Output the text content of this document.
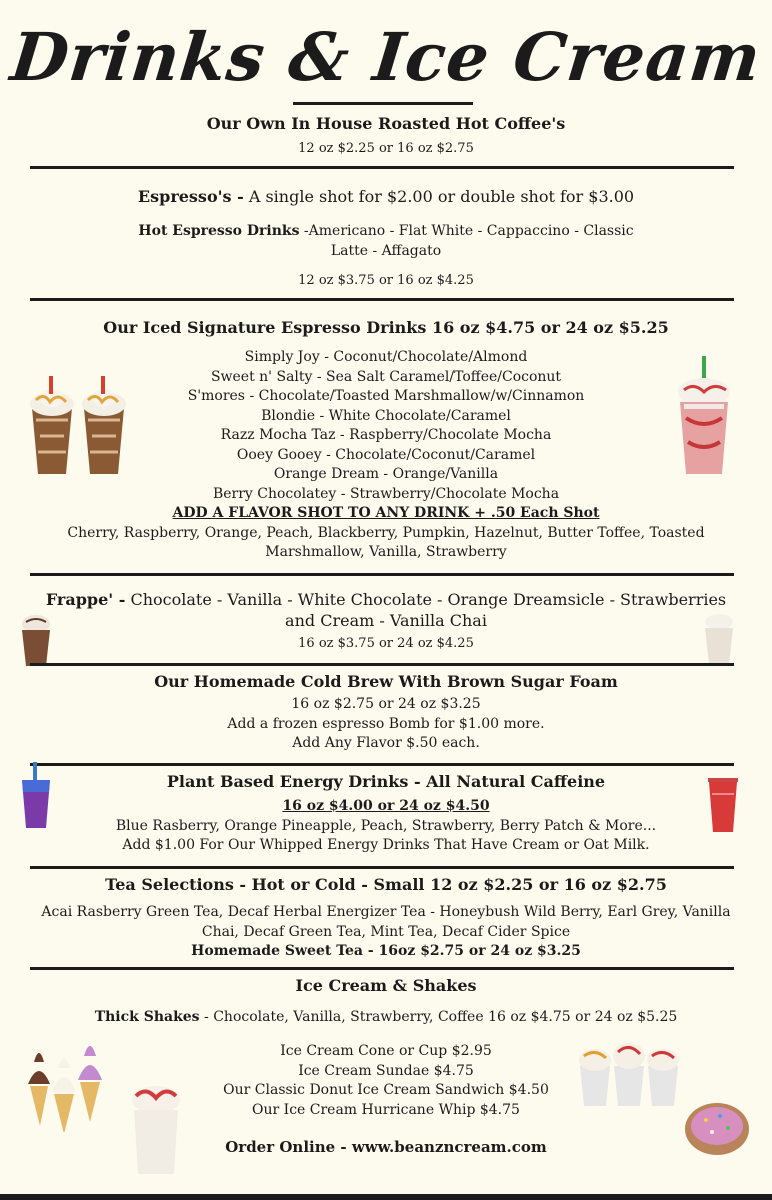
Drinks & Ice Cream
Our Own In House Roasted Hot Coffee's
12 oz $2.25 or 16 oz $2.75
Espresso's - A single shot for $2.00 or double shot for $3.00
Hot Espresso Drinks -Americano - Flat White - Cappaccino - Classic
Latte - Affagato
12 oz $3.75 or 16 oz $4.25
Our Iced Signature Espresso Drinks 16 oz $4.75 or 24 oz $5.25
Simply Joy - Coconut/Chocolate/Almond
Sweet n' Salty - Sea Salt Caramel/Toffee/Coconut
S'mores - Chocolate/Toasted Marshmallow/w/Cinnamon
Blondie - White Chocolate/Caramel
Razz Mocha Taz - Raspberry/Chocolate Mocha
Ooey Gooey - Chocolate/Coconut/Caramel
Orange Dream - Orange/Vanilla
Berry Chocolatey - Strawberry/Chocolate Mocha
ADD A FLAVOR SHOT TO ANY DRINK + .50 Each Shot
Cherry, Raspberry, Orange, Peach, Blackberry, Pumpkin, Hazelnut, Butter Toffee, Toasted
Marshmallow, Vanilla, Strawberry
Frappe' - Chocolate - Vanilla - White Chocolate - Orange Dreamsicle - Strawberries
and Cream - Vanilla Chai
16 oz $3.75 or 24 oz $4.25
Our Homemade Cold Brew With Brown Sugar Foam
16 oz $2.75 or 24 oz $3.25
Add a frozen espresso Bomb for $1.00 more.
Add Any Flavor $.50 each.
Plant Based Energy Drinks - All Natural Caffeine
16 oz $4.00 or 24 oz $4.50
Blue Rasberry, Orange Pineapple, Peach, Strawberry, Berry Patch & More...
Add $1.00 For Our Whipped Energy Drinks That Have Cream or Oat Milk.
Tea Selections - Hot or Cold - Small 12 oz $2.25 or 16 oz $2.75
Acai Rasberry Green Tea, Decaf Herbal Energizer Tea - Honeybush Wild Berry, Earl Grey, Vanilla
Chai, Decaf Green Tea, Mint Tea, Decaf Cider Spice
Homemade Sweet Tea - 16oz $2.75 or 24 oz $3.25
Ice Cream & Shakes
Thick Shakes - Chocolate, Vanilla, Strawberry, Coffee 16 oz $4.75 or 24 oz $5.25
Ice Cream Cone or Cup $2.95
Ice Cream Sundae $4.75
Our Classic Donut Ice Cream Sandwich $4.50
Our Ice Cream Hurricane Whip $4.75
Order Online - www.beanzncream.com
